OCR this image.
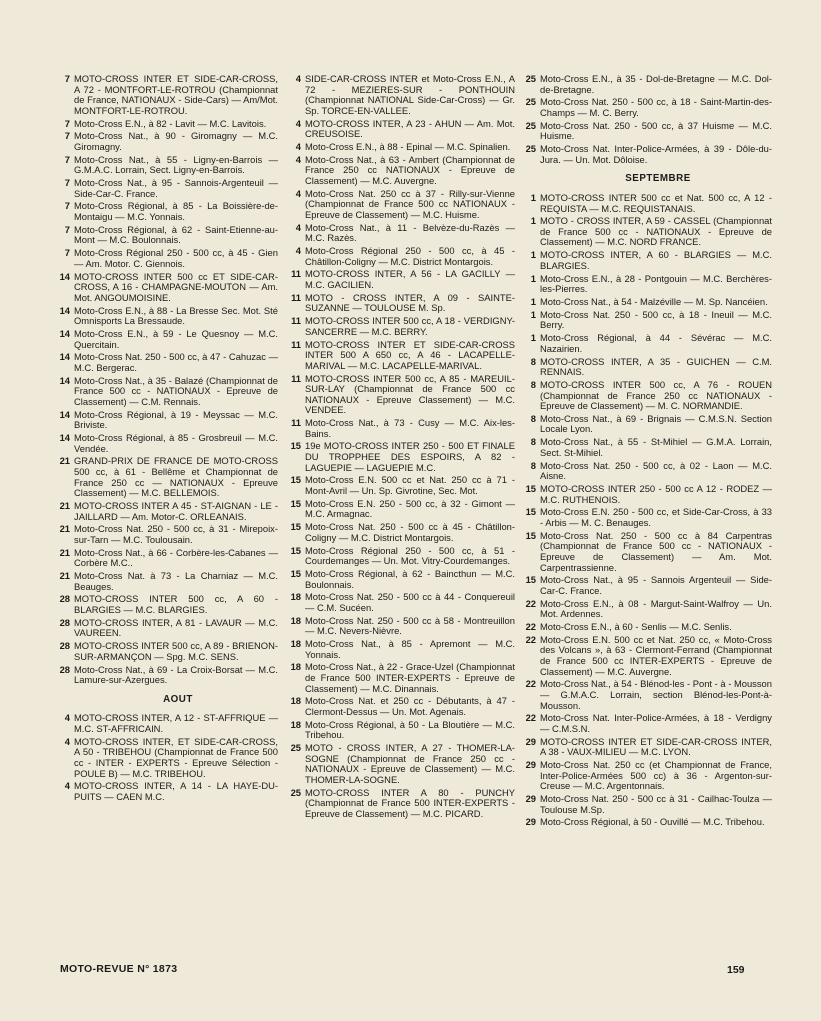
7 MOTO-CROSS INTER ET SIDE-CAR-CROSS, A 72 - MONTFORT-LE-ROTROU (Championnat de France, NATIONAUX - Side-Cars) — Am/Mot. MONTFORT-LE-ROTROU.
7 Moto-Cross E.N., à 82 - Lavit — M.C. Lavitois.
7 Moto-Cross Nat., à 90 - Giromagny — M.C. Giromagny.
7 Moto-Cross Nat., à 55 - Ligny-en-Barrois — G.M.A.C. Lorrain, Sect. Ligny-en-Barrois.
7 Moto-Cross Nat., à 95 - Sannois-Argenteuil — Side-Car-C. France.
7 Moto-Cross Régional, à 85 - La Boissière-de-Montaigu — M.C. Yonnais.
7 Moto-Cross Régional, à 62 - Saint-Etienne-au-Mont — M.C. Boulonnais.
7 Moto-Cross Régional 250 - 500 cc, à 45 - Gien — Am. Motor. C. Giennois.
14 MOTO-CROSS INTER 500 cc ET SIDE-CAR-CROSS, A 16 - CHAMPAGNE-MOUTON — Am. Mot. ANGOUMOISINE.
14 Moto-Cross E.N., à 88 - La Bresse Sec. Mot. Sté Omnisports La Bressaude.
14 Moto-Cross E.N., à 59 - Le Quesnoy — M.C. Quercitain.
14 Moto-Cross Nat. 250 - 500 cc, à 47 - Cahuzac — M.C. Bergerac.
14 Moto-Cross Nat., à 35 - Balazé (Championnat de France 500 cc - NATIONAUX - Epreuve de Classement) — C.M. Rennais.
14 Moto-Cross Régional, à 19 - Meyssac — M.C. Briviste.
14 Moto-Cross Régional, à 85 - Grosbreuil — M.C. Vendée.
21 GRAND-PRIX DE FRANCE DE MOTO-CROSS 500 cc, à 61 - Bellême et Championnat de France 250 cc — NATIONAUX - Epreuve Classement) — M.C. BELLEMOIS.
21 MOTO-CROSS INTER A 45 - ST-AIGNAN - LE - JAILLARD — Am. Motor-C. ORLEANAIS.
21 Moto-Cross Nat. 250 - 500 cc, à 31 - Mirepoix-sur-Tarn — M.C. Toulousain.
21 Moto-Cross Nat., à 66 - Corbère-les-Cabanes — Corbère M.C..
21 Moto-Cross Nat. à 73 - La Charniaz — M.C. Beauges.
28 MOTO-CROSS INTER 500 cc, A 60 - BLARGIES — M.C. BLARGIES.
28 MOTO-CROSS INTER, A 81 - LAVAUR — M.C. VAUREEN.
28 MOTO-CROSS INTER 500 cc, A 89 - BRIENON-SUR-ARMANÇON — Spg. M.C. SENS.
28 Moto-Cross Nat., à 69 - La Croix-Borsat — M.C. Lamure-sur-Azergues.
AOUT
4 MOTO-CROSS INTER, A 12 - ST-AFFRIQUE — M.C. ST-AFFRICAIN.
4 MOTO-CROSS INTER, ET SIDE-CAR-CROSS, A 50 - TRIBEHOU (Championnat de France 500 cc - INTER - EXPERTS - Epreuve Sélection - POULE B) — M.C. TRIBEHOU.
4 MOTO-CROSS INTER, A 14 - LA HAYE-DU-PUITS — CAEN M.C.
4 SIDE-CAR-CROSS INTER et Moto-Cross E.N., A 72 - MEZIERES-SUR - PONTHOUIN (Championnat NATIONAL Side-Car-Cross) — Gr. Sp. TORCE-EN-VALLEE.
4 MOTO-CROSS INTER, A 23 - AHUN — Am. Mot. CREUSOISE.
4 Moto-Cross E.N., à 88 - Epinal — M.C. Spinalien.
4 Moto-Cross Nat., à 63 - Ambert (Championnat de France 250 cc NATIONAUX - Epreuve de Classement) — M.C. Auvergne.
4 Moto-Cross Nat. 250 cc à 37 - Rilly-sur-Vienne (Championnat de France 500 cc NATIONAUX - Epreuve de Classement) — M.C. Huisme.
4 Moto-Cross Nat., à 11 - Belvèze-du-Razès — M.C. Razès.
4 Moto-Cross Régional 250 - 500 cc, à 45 - Châtillon-Coligny — M.C. District Montargois.
11 MOTO-CROSS INTER, A 56 - LA GACILLY — M.C. GACILIEN.
11 MOTO - CROSS INTER, A 09 - SAINTE-SUZANNE — TOULOUSE M. Sp.
11 MOTO-CROSS INTER 500 cc, A 18 - VERDIGNY-SANCERRE — M.C. BERRY.
11 MOTO-CROSS INTER ET SIDE-CAR-CROSS INTER 500 A 650 cc, A 46 - LACAPELLE-MARIVAL — M.C. LACAPELLE-MARIVAL.
11 MOTO-CROSS INTER 500 cc, A 85 - MAREUIL-SUR-LAY (Championnat de France 500 cc NATIONAUX - Epreuve Classement) — M.C. VENDEE.
11 Moto-Cross Nat., à 73 - Cusy — M.C. Aix-les-Bains.
15 19e MOTO-CROSS INTER 250 - 500 ET FINALE DU TROPPHEE DES ESPOIRS, A 82 - LAGUEPIE — LAGUEPIE M.C.
15 Moto-Cross E.N. 500 cc et Nat. 250 cc à 71 - Mont-Avril — Un. Sp. Givrotine, Sec. Mot.
15 Moto-Cross E.N. 250 - 500 cc, à 32 - Gimont — M.C. Armagnac.
15 Moto-Cross Nat. 250 - 500 cc à 45 - Châtillon-Coligny — M.C. District Montargois.
15 Moto-Cross Régional 250 - 500 cc, à 51 - Courdemanges — Un. Mot. Vitry-Courdemanges.
15 Moto-Cross Régional, à 62 - Baincthun — M.C. Boulonnais.
18 Moto-Cross Nat. 250 - 500 cc à 44 - Conquereuil — C.M. Sucéen.
18 Moto-Cross Nat. 250 - 500 cc à 58 - Montreuillon — M.C. Nevers-Nièvre.
18 Moto-Cross Nat., à 85 - Apremont — M.C. Yonnais.
18 Moto-Cross Nat., à 22 - Grace-Uzel (Championnat de France 500 INTER-EXPERTS - Epreuve de Classement) — M.C. Dinannais.
18 Moto-Cross Nat. et 250 cc - Débutants, à 47 - Clermont-Dessus — Un. Mot. Agenais.
18 Moto-Cross Régional, à 50 - La Bloutière — M.C. Tribehou.
25 MOTO - CROSS INTER, A 27 - THOMER-LA-SOGNE (Championnat de France 250 cc - NATIONAUX - Epreuve de Classement) — M.C. THOMER-LA-SOGNE.
25 MOTO-CROSS INTER A 80 - PUNCHY (Championnat de France 500 INTER-EXPERTS - Epreuve de Classement) — M.C. PICARD.
25 Moto-Cross E.N., à 35 - Dol-de-Bretagne — M.C. Dol-de-Bretagne.
25 Moto-Cross Nat. 250 - 500 cc, à 18 - Saint-Martin-des-Champs — M. C. Berry.
25 Moto-Cross Nat. 250 - 500 cc, à 37 Huisme — M.C. Huisme.
25 Moto-Cross Nat. Inter-Police-Armées, à 39 - Dôle-du-Jura. — Un. Mot. Dôloise.
SEPTEMBRE
1 MOTO-CROSS INTER 500 cc et Nat. 500 cc, A 12 - REQUISTA — M.C. REQUISTANAIS.
1 MOTO - CROSS INTER, A 59 - CASSEL (Championnat de France 500 cc - NATIONAUX - Epreuve de Classement) — M.C. NORD FRANCE.
1 MOTO-CROSS INTER, A 60 - BLARGIES — M.C. BLARGIES.
1 Moto-Cross E.N., à 28 - Pontgouin — M.C. Berchères-les-Pierres.
1 Moto-Cross Nat., à 54 - Malzéville — M. Sp. Nancéien.
1 Moto-Cross Nat. 250 - 500 cc, à 18 - Ineuil — M.C. Berry.
1 Moto-Cross Régional, à 44 - Sévérac — M.C. Nazairien.
8 MOTO-CROSS INTER, A 35 - GUICHEN — C.M. RENNAIS.
8 MOTO-CROSS INTER 500 cc, A 76 - ROUEN (Championnat de France 250 cc NATIONAUX - Epreuve de Classement) — M. C. NORMANDIE.
8 Moto-Cross Nat., à 69 - Brignais — C.M.S.N. Section Locale Lyon.
8 Moto-Cross Nat., à 55 - St-Mihiel — G.M.A. Lorrain, Sect. St-Mihiel.
8 Moto-Cross Nat. 250 - 500 cc, à 02 - Laon — M.C. Aisne.
15 MOTO-CROSS INTER 250 - 500 cc A 12 - RODEZ — M.C. RUTHENOIS.
15 Moto-Cross E.N. 250 - 500 cc, et Side-Car-Cross, à 33 - Arbis — M. C. Benauges.
15 Moto-Cross Nat. 250 - 500 cc à 84 Carpentras (Championnat de France 500 cc - NATIONAUX - Epreuve de Classement) — Am. Mot. Carpentrassienne.
15 Moto-Cross Nat., à 95 - Sannois Argenteuil — Side-Car-C. France.
22 Moto-Cross E.N., à 08 - Margut-Saint-Walfroy — Un. Mot. Ardennes.
22 Moto-Cross E.N., à 60 - Senlis — M.C. Senlis.
22 Moto-Cross E.N. 500 cc et Nat. 250 cc, « Moto-Cross des Volcans », à 63 - Clermont-Ferrand (Championnat de France 500 cc INTER-EXPERTS - Epreuve de Classement) — M.C. Auvergne.
22 Moto-Cross Nat., à 54 - Blénod-les - Pont - à - Mousson — G.M.A.C. Lorrain, section Blénod-les-Pont-à-Mousson.
22 Moto-Cross Nat. Inter-Police-Armées, à 18 - Verdigny — C.M.S.N.
29 MOTO-CROSS INTER ET SIDE-CAR-CROSS INTER, A 38 - VAUX-MILIEU — M.C. LYON.
29 Moto-Cross Nat. 250 cc (et Championnat de France, Inter-Police-Armées 500 cc) à 36 - Argenton-sur-Creuse — M.C. Argentonnais.
29 Moto-Cross Nat. 250 - 500 cc à 31 - Cailhac-Toulza — Toulouse M.Sp.
29 Moto-Cross Régional, à 50 - Ouvillé — M.C. Tribehou.
MOTO-REVUE N° 1873	159
